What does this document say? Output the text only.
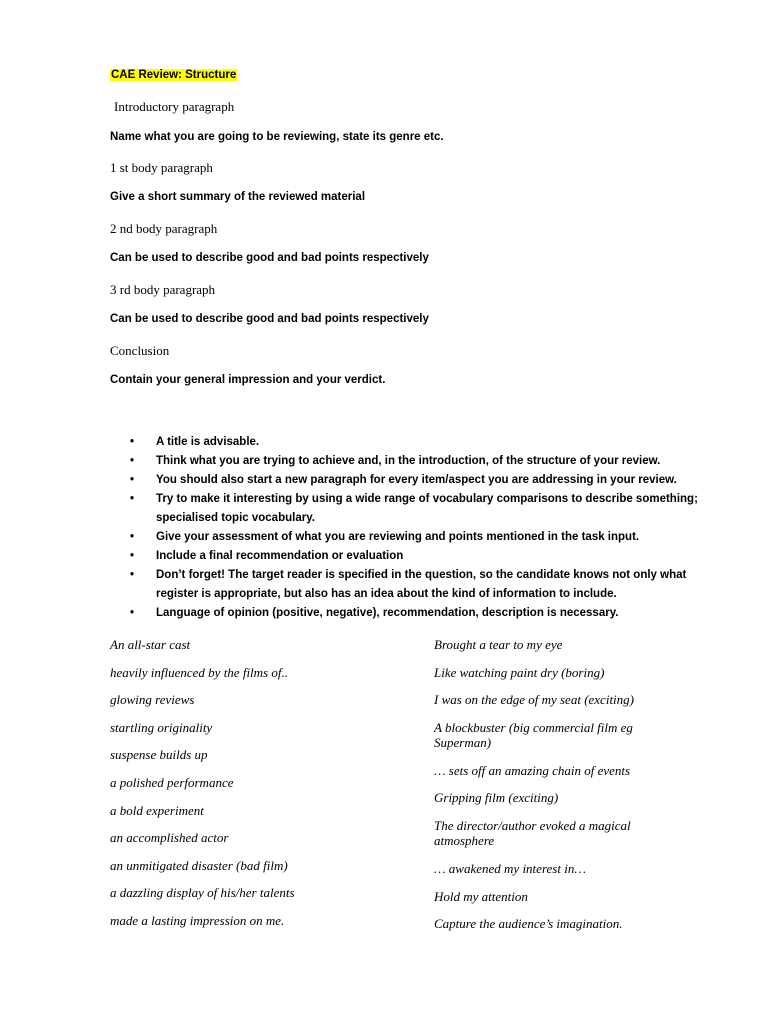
CAE Review: Structure
Introductory paragraph
Name what you are going to be reviewing, state its genre etc.
1 st body paragraph
Give a short summary of the reviewed material
2 nd body paragraph
Can be used to describe good and bad points respectively
3 rd body paragraph
Can be used to describe good and bad points respectively
Conclusion
Contain your general impression and your verdict.
•	A title is advisable.
•	Think what you are trying to achieve and, in the introduction, of the structure of your review.
•	You should also start a new paragraph for every item/aspect you are addressing in your review.
•	Try to make it interesting by using a wide range of vocabulary comparisons to describe something; specialised topic vocabulary.
•	Give your assessment of what you are reviewing and points mentioned in the task input.
•	Include a final recommendation or evaluation
•	Don’t forget! The target reader is specified in the question, so the candidate knows not only what register is appropriate, but also has an idea about the kind of information to include.
•	Language of opinion (positive, negative), recommendation, description is necessary.
An all-star cast
heavily influenced by the films of..
glowing reviews
startling originality
suspense builds up
a polished performance
a bold experiment
an accomplished actor
an unmitigated disaster (bad film)
a dazzling display of his/her talents
made a lasting impression on me.
Brought a tear to my eye
Like watching paint dry (boring)
I was on the edge of my seat (exciting)
A blockbuster (big commercial film eg Superman)
… sets off an amazing chain of events
Gripping film (exciting)
The director/author evoked a magical atmosphere
… awakened my interest in…
Hold my attention
Capture the audience’s imagination.
